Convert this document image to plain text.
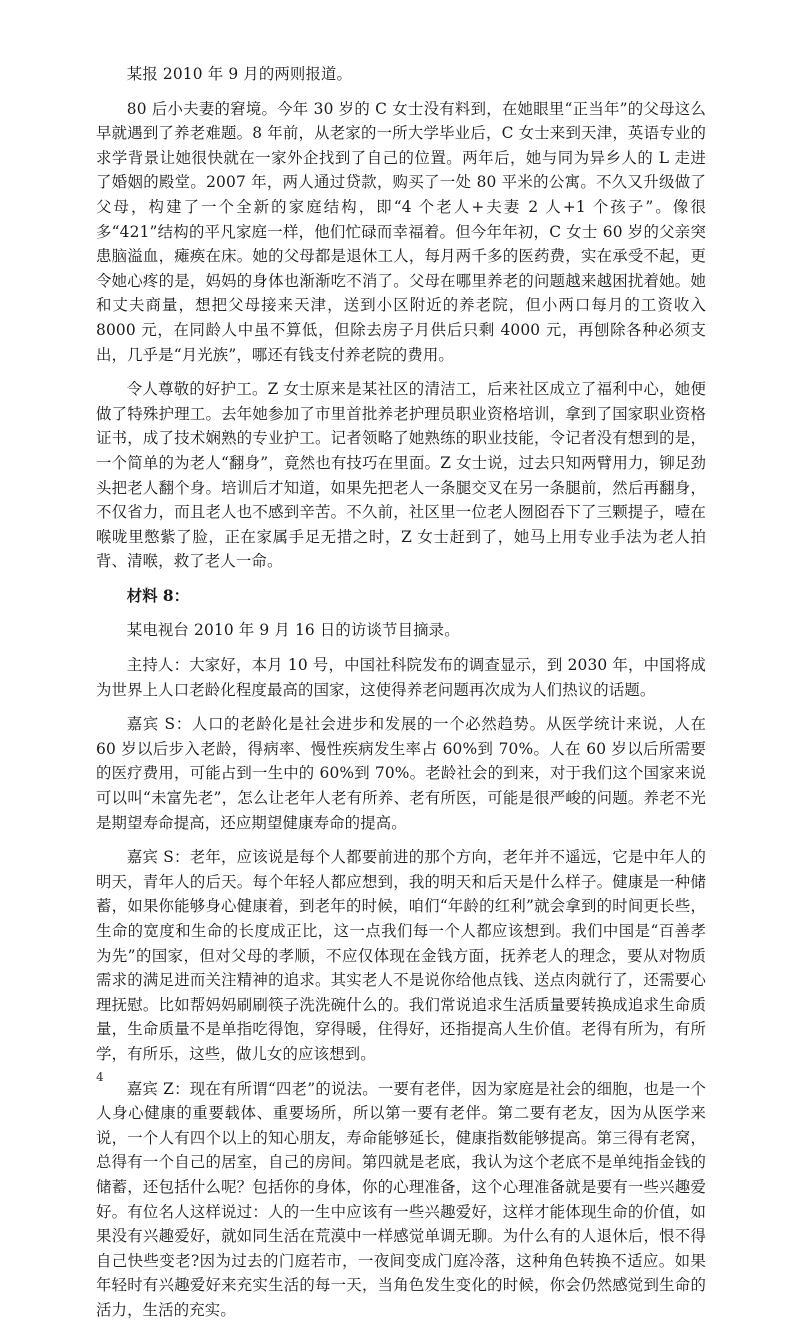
某报 2010 年 9 月的两则报道。

80 后小夫妻的窘境。今年 30 岁的 C 女士没有料到，在她眼里“正当年”的父母这么早就遇到了养老难题。8 年前，从老家的一所大学毕业后，C 女士来到天津，英语专业的求学背景让她很快就在一家外企找到了自己的位置。两年后，她与同为异乡人的 L 走进了婚姻的殿堂。2007 年，两人通过贷款，购买了一处 80 平米的公寓。不久又升级做了父母，构建了一个全新的家庭结构，即“4 个老人+夫妻 2 人+1 个孩子”。像很多“421”结构的平凡家庭一样，他们忙碌而幸福着。但今年年初，C 女士 60 岁的父亲突患脑溢血，瘫痪在床。她的父母都是退休工人，每月两千多的医药费，实在承受不起，更令她心疼的是，妈妈的身体也渐渐吃不消了。父母在哪里养老的问题越来越困扰着她。她和丈夫商量，想把父母接来天津，送到小区附近的养老院，但小两口每月的工资收入 8000 元，在同龄人中虽不算低，但除去房子月供后只剩 4000 元，再刨除各种必须支出，几乎是“月光族”，哪还有钱支付养老院的费用。

令人尊敬的好护工。Z 女士原来是某社区的清洁工，后来社区成立了福利中心，她便做了特殊护理工。去年她参加了市里首批养老护理员职业资格培训，拿到了国家职业资格证书，成了技术娴熟的专业护工。记者领略了她熟练的职业技能，令记者没有想到的是，一个简单的为老人“翻身”，竟然也有技巧在里面。Z 女士说，过去只知两臂用力，铆足劲头把老人翻个身。培训后才知道，如果先把老人一条腿交叉在另一条腿前，然后再翻身，不仅省力，而且老人也不感到辛苦。不久前，社区里一位老人囫囵吞下了三颗提子，噎在喉咙里憋紫了脸，正在家属手足无措之时，Z 女士赶到了，她马上用专业手法为老人拍背、清喉，救了老人一命。

材料 8：

某电视台 2010 年 9 月 16 日的访谈节目摘录。

主持人：大家好，本月 10 号，中国社科院发布的调查显示，到 2030 年，中国将成为世界上人口老龄化程度最高的国家，这使得养老问题再次成为人们热议的话题。

嘉宾 S：人口的老龄化是社会进步和发展的一个必然趋势。从医学统计来说，人在 60 岁以后步入老龄，得病率、慢性疾病发生率占 60%到 70%。人在 60 岁以后所需要的医疗费用，可能占到一生中的 60%到 70%。老龄社会的到来，对于我们这个国家来说可以叫“未富先老”，怎么让老年人老有所养、老有所医，可能是很严峻的问题。养老不光是期望寿命提高，还应期望健康寿命的提高。

嘉宾 S：老年，应该说是每个人都要前进的那个方向，老年并不遥远，它是中年人的明天，青年人的后天。每个年轻人都应想到，我的明天和后天是什么样子。健康是一种储蓄，如果你能够身心健康着，到老年的时候，咱们“年龄的红利”就会拿到的时间更长些，生命的宽度和生命的长度成正比，这一点我们每一个人都应该想到。我们中国是“百善孝为先”的国家，但对父母的孝顺，不应仅体现在金钱方面，抚养老人的理念，要从对物质需求的满足进而关注精神的追求。其实老人不是说你给他点钱、送点肉就行了，还需要心理抚慰。比如帮妈妈刷刷筷子洗洗碗什么的。我们常说追求生活质量要转换成追求生命质量，生命质量不是单指吃得饱，穿得暖，住得好，还指提高人生价值。老得有所为，有所学，有所乐，这些，做儿女的应该想到。

嘉宾 Z：现在有所谓“四老”的说法。一要有老伴，因为家庭是社会的细胞，也是一个人身心健康的重要载体、重要场所，所以第一要有老伴。第二要有老友，因为从医学来说，一个人有四个以上的知心朋友，寿命能够延长，健康指数能够提高。第三得有老窝，总得有一个自己的居室，自己的房间。第四就是老底，我认为这个老底不是单纯指金钱的储蓄，还包括什么呢？包括你的身体，你的心理准备，这个心理准备就是要有一些兴趣爱好。有位名人这样说过：人的一生中应该有一些兴趣爱好，这样才能体现生命的价值，如果没有兴趣爱好，就如同生活在荒漠中一样感觉单调无聊。为什么有的人退休后，恨不得自己快些变老?因为过去的门庭若市，一夜间变成门庭冷落，这种角色转换不适应。如果年轻时有兴趣爱好来充实生活的每一天，当角色发生变化的时候，你会仍然感觉到生命的活力，生活的充实。

4
